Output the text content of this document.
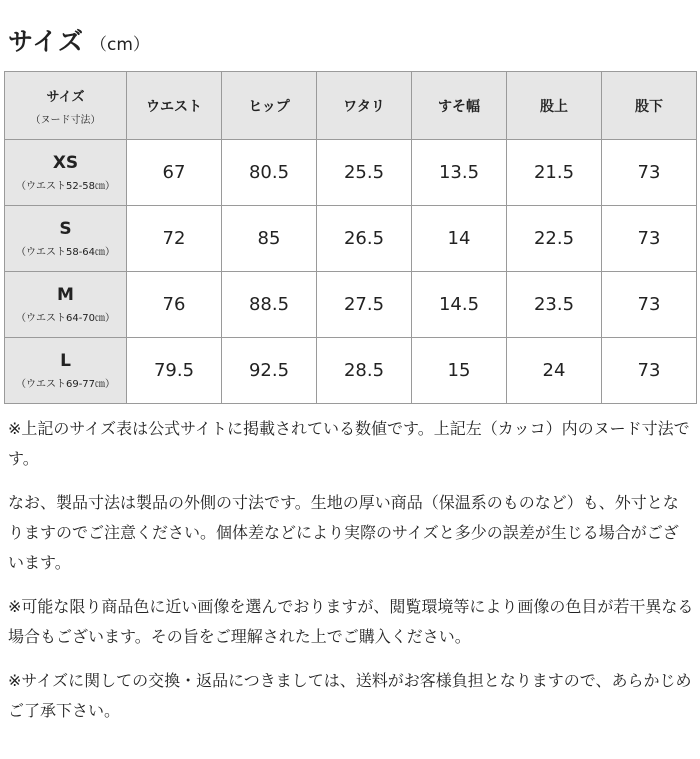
サイズ （cm）
サイズ
（ヌード寸法）	ウエスト	ヒップ	ワタリ	すそ幅	股上	股下

XS
（ウエスト52-58㎝）	67	80.5	25.5	13.5	21.5	73

S
（ウエスト58-64㎝）	72	85	26.5	14	22.5	73

M
（ウエスト64-70㎝）	76	88.5	27.5	14.5	23.5	73

L
（ウエスト69-77㎝）	79.5	92.5	28.5	15	24	73

※上記のサイズ表は公式サイトに掲載されている数値です。上記左（カッコ）内のヌード寸法です。

なお、製品寸法は製品の外側の寸法です。生地の厚い商品（保温系のものなど）も、外寸となりますのでご注意ください。個体差などにより実際のサイズと多少の誤差が生じる場合がございます。

※可能な限り商品色に近い画像を選んでおりますが、閲覧環境等により画像の色目が若干異なる場合もございます。その旨をご理解された上でご購入ください。

※サイズに関しての交換・返品につきましては、送料がお客様負担となりますので、あらかじめご了承下さい。
